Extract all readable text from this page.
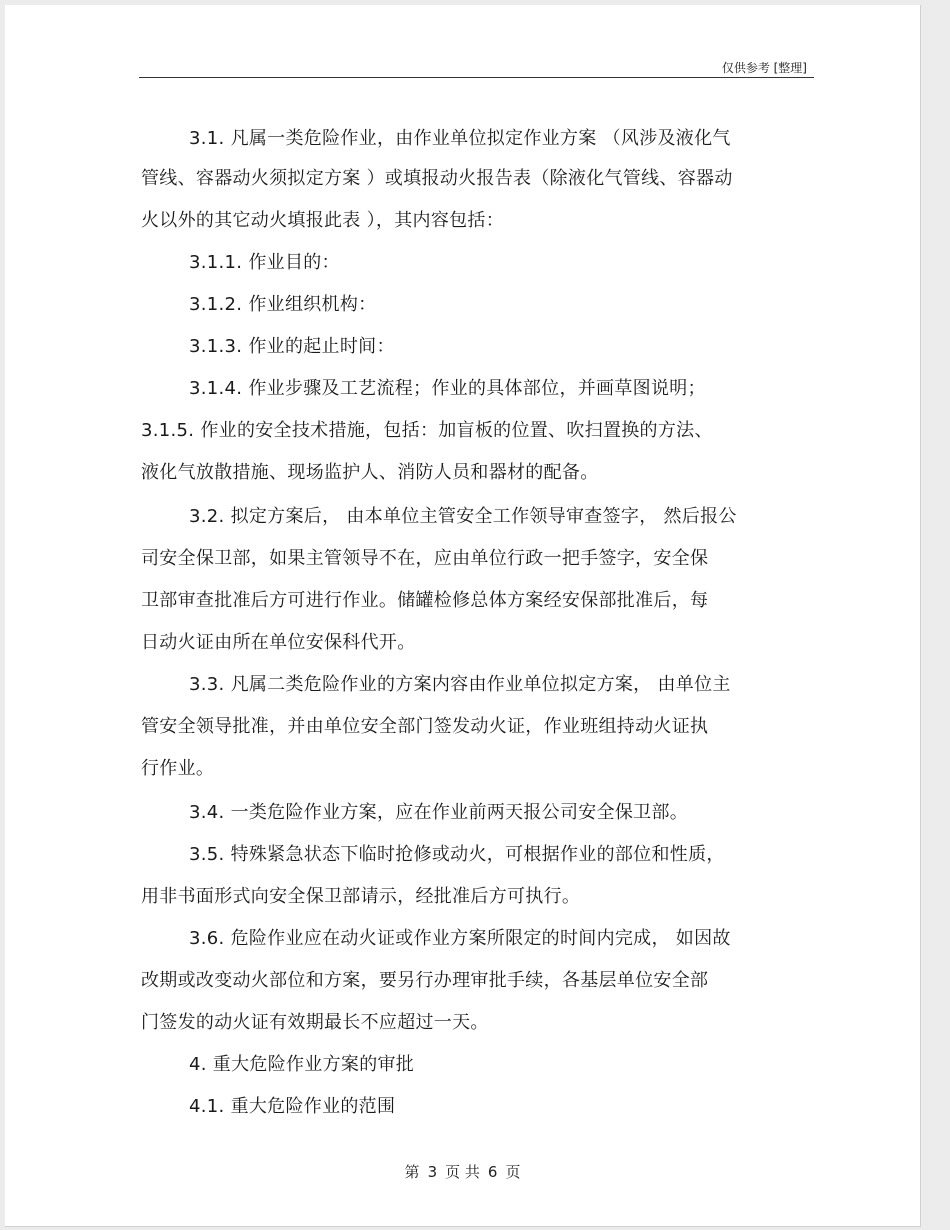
仅供参考 [整理]
3.1. 凡属一类危险作业，由作业单位拟定作业方案 （风涉及液化气
管线、容器动火须拟定方案 ）或填报动火报告表（除液化气管线、容器动
火以外的其它动火填报此表 ），其内容包括：
3.1.1. 作业目的：
3.1.2. 作业组织机构：
3.1.3. 作业的起止时间：
3.1.4. 作业步骤及工艺流程；作业的具体部位，并画草图说明；
3.1.5. 作业的安全技术措施，包括：加盲板的位置、吹扫置换的方法、
液化气放散措施、现场监护人、消防人员和器材的配备。
3.2. 拟定方案后， 由本单位主管安全工作领导审查签字， 然后报公
司安全保卫部，如果主管领导不在，应由单位行政一把手签字，安全保
卫部审查批准后方可进行作业。储罐检修总体方案经安保部批准后，每
日动火证由所在单位安保科代开。
3.3. 凡属二类危险作业的方案内容由作业单位拟定方案， 由单位主
管安全领导批准，并由单位安全部门签发动火证，作业班组持动火证执
行作业。
3.4. 一类危险作业方案，应在作业前两天报公司安全保卫部。
3.5. 特殊紧急状态下临时抢修或动火，可根据作业的部位和性质，
用非书面形式向安全保卫部请示，经批准后方可执行。
3.6. 危险作业应在动火证或作业方案所限定的时间内完成， 如因故
改期或改变动火部位和方案，要另行办理审批手续，各基层单位安全部
门签发的动火证有效期最长不应超过一天。
4. 重大危险作业方案的审批
4.1. 重大危险作业的范围
第 3 页 共 6 页
